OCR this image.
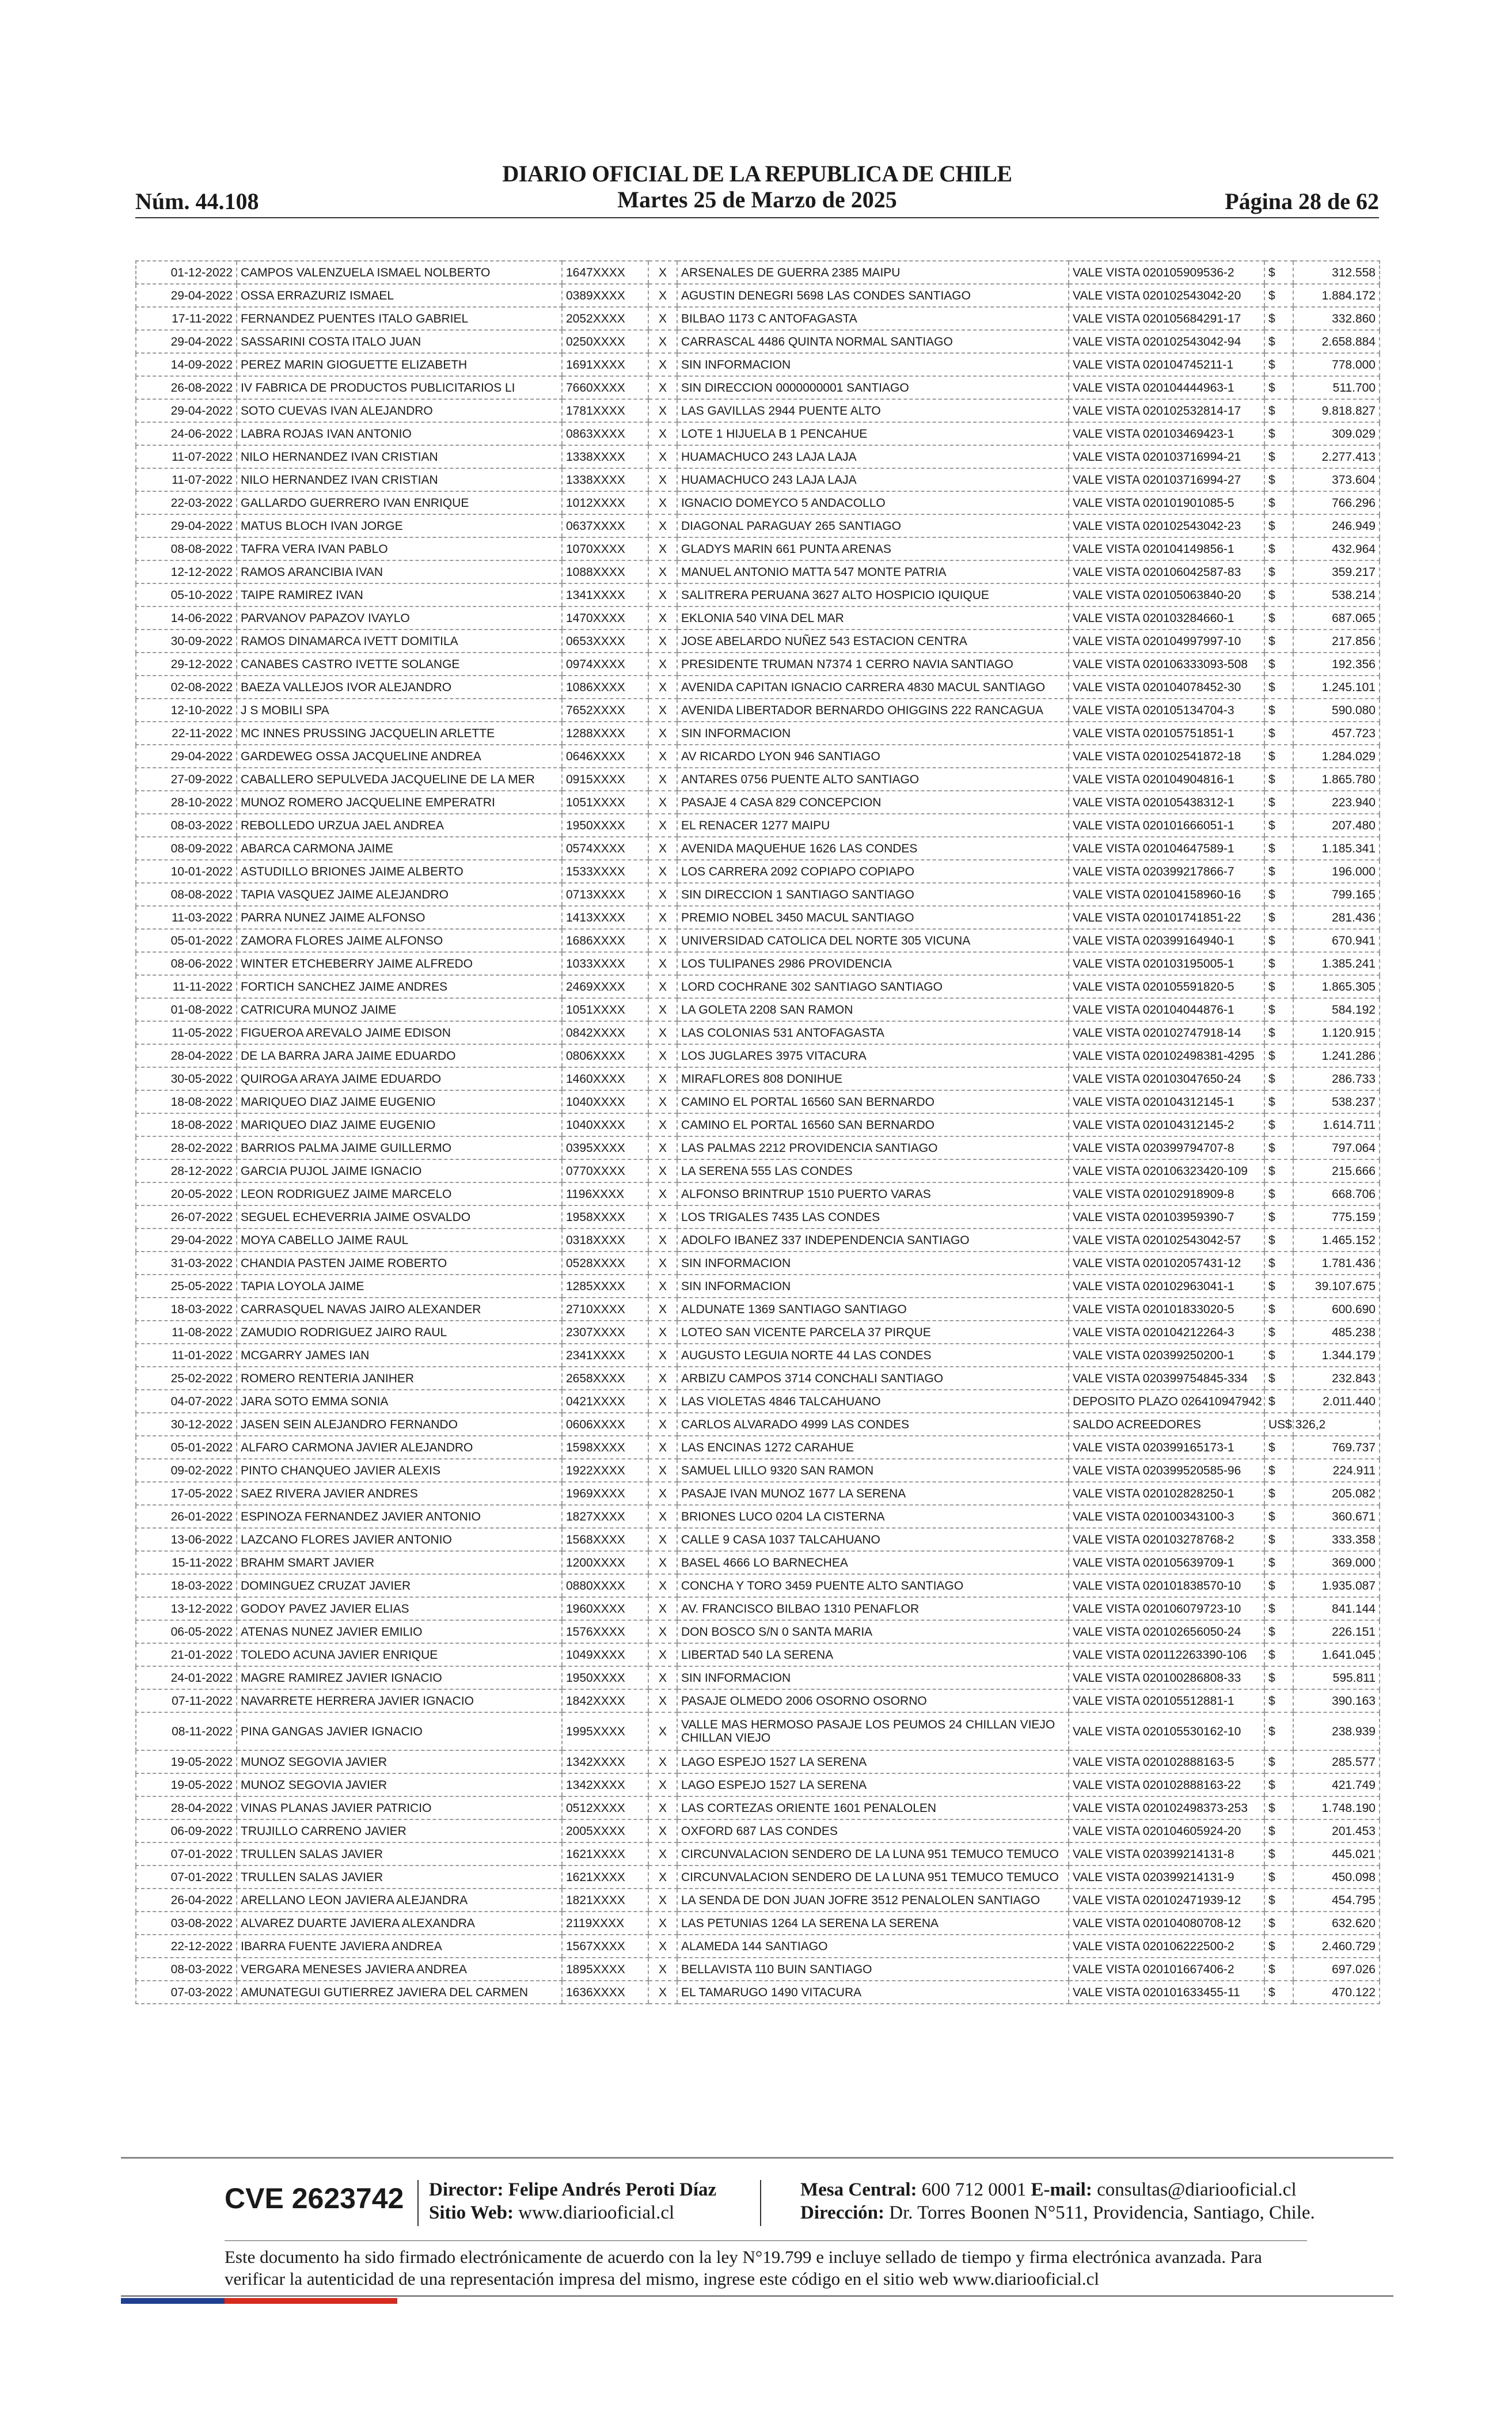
DIARIO OFICIAL DE LA REPUBLICA DE CHILE
Núm. 44.108	Martes 25 de Marzo de 2025	Página 28 de 62
01-12-2022	CAMPOS VALENZUELA ISMAEL NOLBERTO	1647XXXX	X	ARSENALES DE GUERRA 2385 MAIPU	VALE VISTA 020105909536-2	$	312.558
29-04-2022	OSSA ERRAZURIZ ISMAEL	0389XXXX	X	AGUSTIN DENEGRI 5698 LAS CONDES SANTIAGO	VALE VISTA 020102543042-20	$	1.884.172
17-11-2022	FERNANDEZ PUENTES ITALO GABRIEL	2052XXXX	X	BILBAO 1173 C ANTOFAGASTA	VALE VISTA 020105684291-17	$	332.860
29-04-2022	SASSARINI COSTA ITALO JUAN	0250XXXX	X	CARRASCAL 4486 QUINTA NORMAL SANTIAGO	VALE VISTA 020102543042-94	$	2.658.884
14-09-2022	PEREZ MARIN GIOGUETTE ELIZABETH	1691XXXX	X	SIN INFORMACION	VALE VISTA 020104745211-1	$	778.000
26-08-2022	IV FABRICA DE PRODUCTOS PUBLICITARIOS LI	7660XXXX	X	SIN DIRECCION 0000000001 SANTIAGO	VALE VISTA 020104444963-1	$	511.700
29-04-2022	SOTO CUEVAS IVAN ALEJANDRO	1781XXXX	X	LAS GAVILLAS 2944 PUENTE ALTO	VALE VISTA 020102532814-17	$	9.818.827
24-06-2022	LABRA ROJAS IVAN ANTONIO	0863XXXX	X	LOTE 1 HIJUELA B 1 PENCAHUE	VALE VISTA 020103469423-1	$	309.029
11-07-2022	NILO HERNANDEZ IVAN CRISTIAN	1338XXXX	X	HUAMACHUCO 243 LAJA LAJA	VALE VISTA 020103716994-21	$	2.277.413
11-07-2022	NILO HERNANDEZ IVAN CRISTIAN	1338XXXX	X	HUAMACHUCO 243 LAJA LAJA	VALE VISTA 020103716994-27	$	373.604
22-03-2022	GALLARDO GUERRERO IVAN ENRIQUE	1012XXXX	X	IGNACIO DOMEYCO 5 ANDACOLLO	VALE VISTA 020101901085-5	$	766.296
29-04-2022	MATUS BLOCH IVAN JORGE	0637XXXX	X	DIAGONAL PARAGUAY 265 SANTIAGO	VALE VISTA 020102543042-23	$	246.949
08-08-2022	TAFRA VERA IVAN PABLO	1070XXXX	X	GLADYS MARIN 661 PUNTA ARENAS	VALE VISTA 020104149856-1	$	432.964
12-12-2022	RAMOS ARANCIBIA IVAN	1088XXXX	X	MANUEL ANTONIO MATTA 547 MONTE PATRIA	VALE VISTA 020106042587-83	$	359.217
05-10-2022	TAIPE RAMIREZ IVAN	1341XXXX	X	SALITRERA PERUANA 3627 ALTO HOSPICIO IQUIQUE	VALE VISTA 020105063840-20	$	538.214
14-06-2022	PARVANOV PAPAZOV IVAYLO	1470XXXX	X	EKLONIA 540 VINA DEL MAR	VALE VISTA 020103284660-1	$	687.065
30-09-2022	RAMOS DINAMARCA IVETT DOMITILA	0653XXXX	X	JOSE ABELARDO NUÑEZ 543 ESTACION CENTRA	VALE VISTA 020104997997-10	$	217.856
29-12-2022	CANABES CASTRO IVETTE SOLANGE	0974XXXX	X	PRESIDENTE TRUMAN N7374 1 CERRO NAVIA SANTIAGO	VALE VISTA 020106333093-508	$	192.356
02-08-2022	BAEZA VALLEJOS IVOR ALEJANDRO	1086XXXX	X	AVENIDA CAPITAN IGNACIO CARRERA 4830 MACUL SANTIAGO	VALE VISTA 020104078452-30	$	1.245.101
12-10-2022	J S MOBILI SPA	7652XXXX	X	AVENIDA LIBERTADOR BERNARDO OHIGGINS 222 RANCAGUA	VALE VISTA 020105134704-3	$	590.080
22-11-2022	MC INNES PRUSSING JACQUELIN ARLETTE	1288XXXX	X	SIN INFORMACION	VALE VISTA 020105751851-1	$	457.723
29-04-2022	GARDEWEG OSSA JACQUELINE ANDREA	0646XXXX	X	AV RICARDO LYON 946 SANTIAGO	VALE VISTA 020102541872-18	$	1.284.029
27-09-2022	CABALLERO SEPULVEDA JACQUELINE DE LA MER	0915XXXX	X	ANTARES 0756 PUENTE ALTO SANTIAGO	VALE VISTA 020104904816-1	$	1.865.780
28-10-2022	MUNOZ ROMERO JACQUELINE EMPERATRI	1051XXXX	X	PASAJE 4 CASA 829 CONCEPCION	VALE VISTA 020105438312-1	$	223.940
08-03-2022	REBOLLEDO URZUA JAEL ANDREA	1950XXXX	X	EL RENACER 1277 MAIPU	VALE VISTA 020101666051-1	$	207.480
08-09-2022	ABARCA CARMONA JAIME	0574XXXX	X	AVENIDA MAQUEHUE 1626 LAS CONDES	VALE VISTA 020104647589-1	$	1.185.341
10-01-2022	ASTUDILLO BRIONES JAIME ALBERTO	1533XXXX	X	LOS CARRERA 2092 COPIAPO COPIAPO	VALE VISTA 020399217866-7	$	196.000
08-08-2022	TAPIA VASQUEZ JAIME ALEJANDRO	0713XXXX	X	SIN DIRECCION 1 SANTIAGO SANTIAGO	VALE VISTA 020104158960-16	$	799.165
11-03-2022	PARRA NUNEZ JAIME ALFONSO	1413XXXX	X	PREMIO NOBEL 3450 MACUL SANTIAGO	VALE VISTA 020101741851-22	$	281.436
05-01-2022	ZAMORA FLORES JAIME ALFONSO	1686XXXX	X	UNIVERSIDAD CATOLICA DEL NORTE 305 VICUNA	VALE VISTA 020399164940-1	$	670.941
08-06-2022	WINTER ETCHEBERRY JAIME ALFREDO	1033XXXX	X	LOS TULIPANES 2986 PROVIDENCIA	VALE VISTA 020103195005-1	$	1.385.241
11-11-2022	FORTICH SANCHEZ JAIME ANDRES	2469XXXX	X	LORD COCHRANE 302 SANTIAGO SANTIAGO	VALE VISTA 020105591820-5	$	1.865.305
01-08-2022	CATRICURA MUNOZ JAIME	1051XXXX	X	LA GOLETA 2208 SAN RAMON	VALE VISTA 020104044876-1	$	584.192
11-05-2022	FIGUEROA AREVALO JAIME EDISON	0842XXXX	X	LAS COLONIAS 531 ANTOFAGASTA	VALE VISTA 020102747918-14	$	1.120.915
28-04-2022	DE LA BARRA JARA JAIME EDUARDO	0806XXXX	X	LOS JUGLARES 3975 VITACURA	VALE VISTA 020102498381-4295	$	1.241.286
30-05-2022	QUIROGA ARAYA JAIME EDUARDO	1460XXXX	X	MIRAFLORES 808 DONIHUE	VALE VISTA 020103047650-24	$	286.733
18-08-2022	MARIQUEO DIAZ JAIME EUGENIO	1040XXXX	X	CAMINO EL PORTAL 16560 SAN BERNARDO	VALE VISTA 020104312145-1	$	538.237
18-08-2022	MARIQUEO DIAZ JAIME EUGENIO	1040XXXX	X	CAMINO EL PORTAL 16560 SAN BERNARDO	VALE VISTA 020104312145-2	$	1.614.711
28-02-2022	BARRIOS PALMA JAIME GUILLERMO	0395XXXX	X	LAS PALMAS 2212 PROVIDENCIA SANTIAGO	VALE VISTA 020399794707-8	$	797.064
28-12-2022	GARCIA PUJOL JAIME IGNACIO	0770XXXX	X	LA SERENA 555 LAS CONDES	VALE VISTA 020106323420-109	$	215.666
20-05-2022	LEON RODRIGUEZ JAIME MARCELO	1196XXXX	X	ALFONSO BRINTRUP 1510 PUERTO VARAS	VALE VISTA 020102918909-8	$	668.706
26-07-2022	SEGUEL ECHEVERRIA JAIME OSVALDO	1958XXXX	X	LOS TRIGALES 7435 LAS CONDES	VALE VISTA 020103959390-7	$	775.159
29-04-2022	MOYA CABELLO JAIME RAUL	0318XXXX	X	ADOLFO IBANEZ 337 INDEPENDENCIA SANTIAGO	VALE VISTA 020102543042-57	$	1.465.152
31-03-2022	CHANDIA PASTEN JAIME ROBERTO	0528XXXX	X	SIN INFORMACION	VALE VISTA 020102057431-12	$	1.781.436
25-05-2022	TAPIA LOYOLA JAIME	1285XXXX	X	SIN INFORMACION	VALE VISTA 020102963041-1	$	39.107.675
18-03-2022	CARRASQUEL NAVAS JAIRO ALEXANDER	2710XXXX	X	ALDUNATE 1369 SANTIAGO SANTIAGO	VALE VISTA 020101833020-5	$	600.690
11-08-2022	ZAMUDIO RODRIGUEZ JAIRO RAUL	2307XXXX	X	LOTEO SAN VICENTE PARCELA 37 PIRQUE	VALE VISTA 020104212264-3	$	485.238
11-01-2022	MCGARRY JAMES IAN	2341XXXX	X	AUGUSTO LEGUIA NORTE 44 LAS CONDES	VALE VISTA 020399250200-1	$	1.344.179
25-02-2022	ROMERO RENTERIA JANIHER	2658XXXX	X	ARBIZU CAMPOS 3714 CONCHALI SANTIAGO	VALE VISTA 020399754845-334	$	232.843
04-07-2022	JARA SOTO EMMA SONIA	0421XXXX	X	LAS VIOLETAS 4846 TALCAHUANO	DEPOSITO PLAZO 026410947942	$	2.011.440
30-12-2022	JASEN SEIN ALEJANDRO FERNANDO	0606XXXX	X	CARLOS ALVARADO 4999 LAS CONDES	SALDO ACREEDORES	US$ 326,2	
05-01-2022	ALFARO CARMONA JAVIER ALEJANDRO	1598XXXX	X	LAS ENCINAS 1272 CARAHUE	VALE VISTA 020399165173-1	$	769.737
09-02-2022	PINTO CHANQUEO JAVIER ALEXIS	1922XXXX	X	SAMUEL LILLO 9320 SAN RAMON	VALE VISTA 020399520585-96	$	224.911
17-05-2022	SAEZ RIVERA JAVIER ANDRES	1969XXXX	X	PASAJE IVAN MUNOZ 1677 LA SERENA	VALE VISTA 020102828250-1	$	205.082
26-01-2022	ESPINOZA FERNANDEZ JAVIER ANTONIO	1827XXXX	X	BRIONES LUCO 0204 LA CISTERNA	VALE VISTA 020100343100-3	$	360.671
13-06-2022	LAZCANO FLORES JAVIER ANTONIO	1568XXXX	X	CALLE 9 CASA 1037 TALCAHUANO	VALE VISTA 020103278768-2	$	333.358
15-11-2022	BRAHM SMART JAVIER	1200XXXX	X	BASEL 4666 LO BARNECHEA	VALE VISTA 020105639709-1	$	369.000
18-03-2022	DOMINGUEZ CRUZAT JAVIER	0880XXXX	X	CONCHA Y TORO 3459 PUENTE ALTO SANTIAGO	VALE VISTA 020101838570-10	$	1.935.087
13-12-2022	GODOY PAVEZ JAVIER ELIAS	1960XXXX	X	AV. FRANCISCO BILBAO 1310 PENAFLOR	VALE VISTA 020106079723-10	$	841.144
06-05-2022	ATENAS NUNEZ JAVIER EMILIO	1576XXXX	X	DON BOSCO S/N 0 SANTA MARIA	VALE VISTA 020102656050-24	$	226.151
21-01-2022	TOLEDO ACUNA JAVIER ENRIQUE	1049XXXX	X	LIBERTAD 540 LA SERENA	VALE VISTA 020112263390-106	$	1.641.045
24-01-2022	MAGRE RAMIREZ JAVIER IGNACIO	1950XXXX	X	SIN INFORMACION	VALE VISTA 020100286808-33	$	595.811
07-11-2022	NAVARRETE HERRERA JAVIER IGNACIO	1842XXXX	X	PASAJE OLMEDO 2006 OSORNO OSORNO	VALE VISTA 020105512881-1	$	390.163
08-11-2022	PINA GANGAS JAVIER IGNACIO	1995XXXX	X	VALLE MAS HERMOSO PASAJE LOS PEUMOS 24 CHILLAN VIEJO CHILLAN VIEJO	VALE VISTA 020105530162-10	$	238.939
19-05-2022	MUNOZ SEGOVIA JAVIER	1342XXXX	X	LAGO ESPEJO 1527 LA SERENA	VALE VISTA 020102888163-5	$	285.577
19-05-2022	MUNOZ SEGOVIA JAVIER	1342XXXX	X	LAGO ESPEJO 1527 LA SERENA	VALE VISTA 020102888163-22	$	421.749
28-04-2022	VINAS PLANAS JAVIER PATRICIO	0512XXXX	X	LAS CORTEZAS ORIENTE 1601 PENALOLEN	VALE VISTA 020102498373-253	$	1.748.190
06-09-2022	TRUJILLO CARRENO JAVIER	2005XXXX	X	OXFORD 687 LAS CONDES	VALE VISTA 020104605924-20	$	201.453
07-01-2022	TRULLEN SALAS JAVIER	1621XXXX	X	CIRCUNVALACION SENDERO DE LA LUNA 951 TEMUCO TEMUCO	VALE VISTA 020399214131-8	$	445.021
07-01-2022	TRULLEN SALAS JAVIER	1621XXXX	X	CIRCUNVALACION SENDERO DE LA LUNA 951 TEMUCO TEMUCO	VALE VISTA 020399214131-9	$	450.098
26-04-2022	ARELLANO LEON JAVIERA ALEJANDRA	1821XXXX	X	LA SENDA DE DON JUAN JOFRE 3512 PENALOLEN SANTIAGO	VALE VISTA 020102471939-12	$	454.795
03-08-2022	ALVAREZ DUARTE JAVIERA ALEXANDRA	2119XXXX	X	LAS PETUNIAS 1264 LA SERENA LA SERENA	VALE VISTA 020104080708-12	$	632.620
22-12-2022	IBARRA FUENTE JAVIERA ANDREA	1567XXXX	X	ALAMEDA 144 SANTIAGO	VALE VISTA 020106222500-2	$	2.460.729
08-03-2022	VERGARA MENESES JAVIERA ANDREA	1895XXXX	X	BELLAVISTA 110 BUIN SANTIAGO	VALE VISTA 020101667406-2	$	697.026
07-03-2022	AMUNATEGUI GUTIERREZ JAVIERA DEL CARMEN	1636XXXX	X	EL TAMARUGO 1490 VITACURA	VALE VISTA 020101633455-11	$	470.122
CVE 2623742 Director: Felipe Andrés Peroti Díaz
Sitio Web: www.diariooficial.cl
Mesa Central: 600 712 0001 E-mail: consultas@diariooficial.cl
Dirección: Dr. Torres Boonen N°511, Providencia, Santiago, Chile.
Este documento ha sido firmado electrónicamente de acuerdo con la ley N°19.799 e incluye sellado de tiempo y firma electrónica avanzada. Para verificar la autenticidad de una representación impresa del mismo, ingrese este código en el sitio web www.diariooficial.cl
